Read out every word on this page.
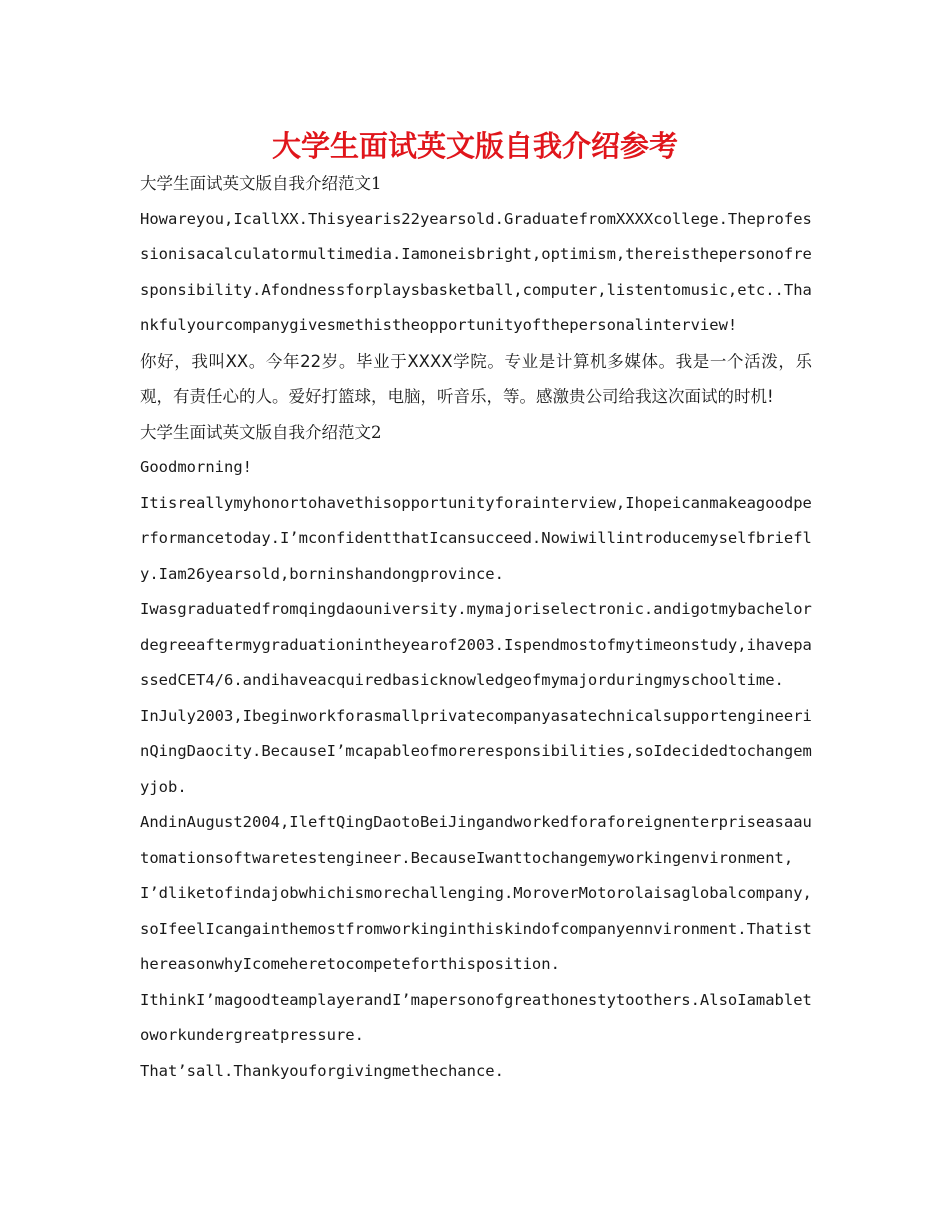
大学生面试英文版自我介绍参考

大学生面试英文版自我介绍范文1

Howareyou,IcallXX.Thisyearis22yearsold.GraduatefromXXXXcollege.Theprofessionisacalculatormultimedia.Iamoneisbright,optimism,thereisthepersonofresponsibility.Afondnessforplaysbasketball,computer,listentomusic,etc..Thankfulyourcompanygivesmethistheopportunityofthepersonalinterview!

你好，我叫XX。今年22岁。毕业于XXXX学院。专业是计算机多媒体。我是一个活泼，乐观，有责任心的人。爱好打篮球，电脑，听音乐，等。感激贵公司给我这次面试的时机!

大学生面试英文版自我介绍范文2

Goodmorning!

Itisreallymyhonortohavethisopportunityforainterview,Ihopeicanmakeagoodperformancetoday.I’mconfidentthatIcansucceed.Nowiwillintroducemyselfbriefly.Iam26yearsold,borninshandongprovince.

Iwasgraduatedfromqingdaouniversity.mymajoriselectronic.andigotmybachelordegreeaftermygraduationintheyearof2003.Ispendmostofmytimeonstudy,ihavepassedCET4/6.andihaveacquiredbasicknowledgeofmymajorduringmyschooltime.

InJuly2003,IbeginworkforasmallprivatecompanyasatechnicalsupportengineerinQingDaocity.BecauseI’mcapableofmoreresponsibilities,soIdecidedtochangemyjob.

AndinAugust2004,IleftQingDaotoBeiJingandworkedforaforeignenterpriseasaautomationsoftwaretestengineer.BecauseIwanttochangemyworkingenvironment,I’dliketofindajobwhichismorechallenging.MoroverMotorolaisaglobalcompany,soIfeelIcangainthemostfromworkinginthiskindofcompanyennvironment.ThatisthereasonwhyIcomeheretocompeteforthisposition.

IthinkI’magoodteamplayerandI’mapersonofgreathonestytoothers.AlsoIamabletoworkundergreatpressure.

That’sall.Thankyouforgivingmethechance.
